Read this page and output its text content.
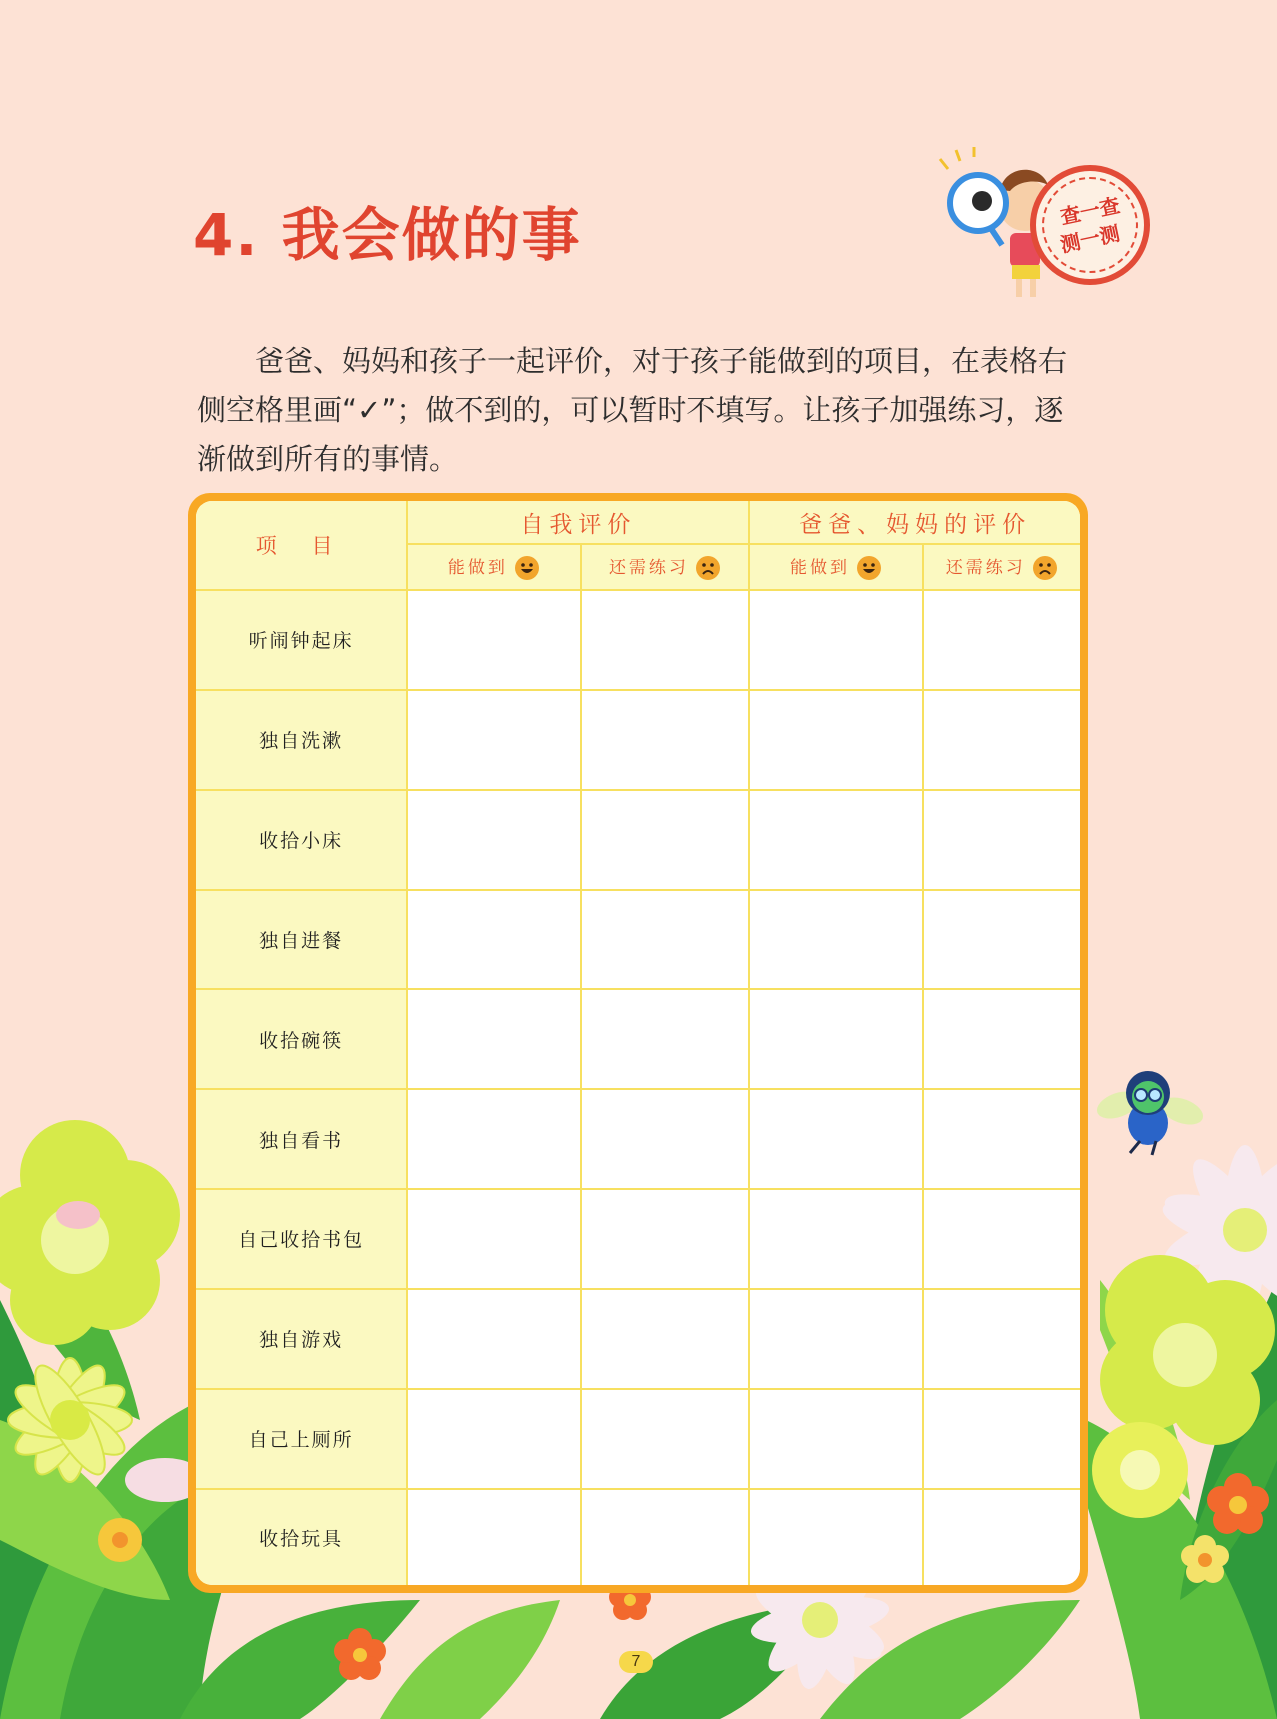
4. 我会做的事	查一查
测一测

爸爸、妈妈和孩子一起评价，对于孩子能做到的项目，在表格右侧空格里画“✓”；做不到的，可以暂时不填写。让孩子加强练习，逐渐做到所有的事情。

项 目	自我评价		爸爸、妈妈的评价	
	能做到	还需练习	能做到	还需练习
听闹钟起床				
独自洗漱				
收拾小床				
独自进餐				
收拾碗筷				
独自看书				
自己收拾书包				
独自游戏				
自己上厕所				
收拾玩具				
7
